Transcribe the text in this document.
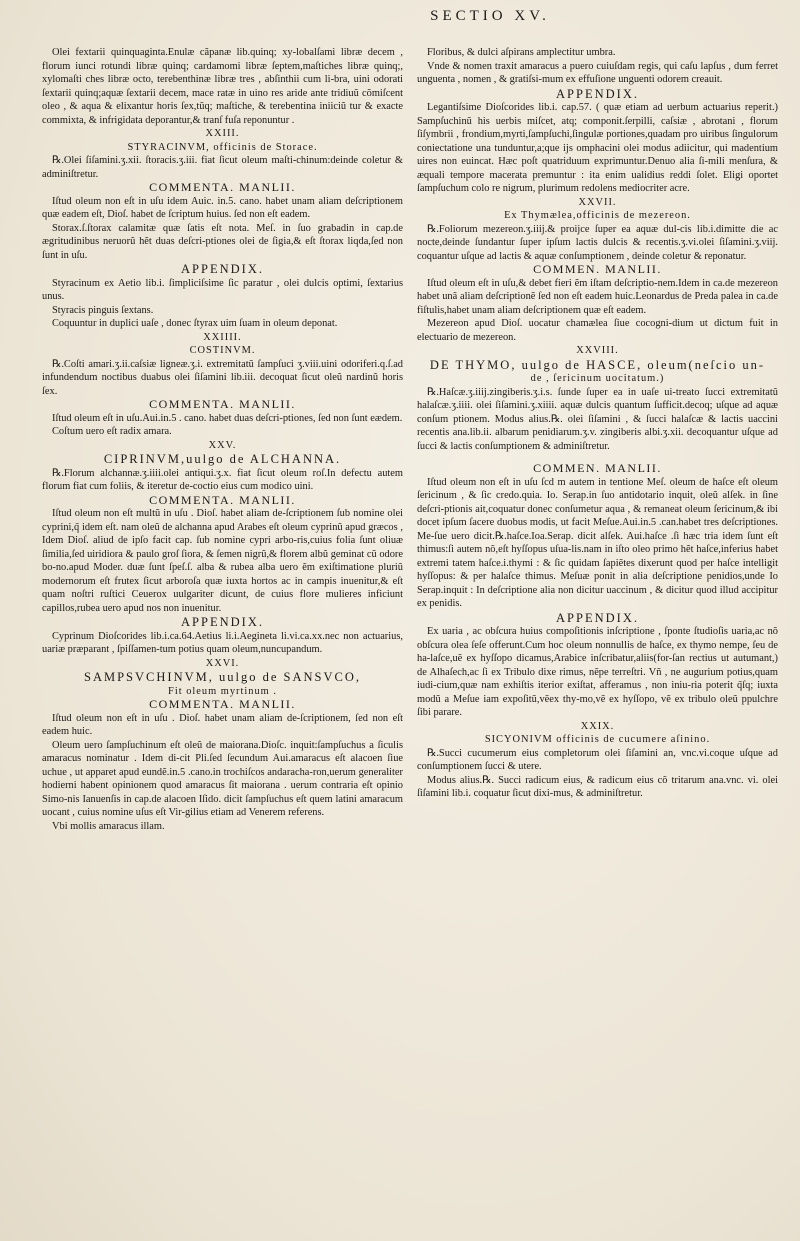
SECTIO XV.

Olei fextarii quinquaginta.Enulæ căpanæ lib.quinq; xy-lobalſami libræ decem , florum iunci rotundi libræ quinq; cardamomi libræ ſeptem,maſtiches libræ quinq;, xylomaſti ches libræ octo, terebenthinæ libræ tres , abſinthii cum li-bra, uini odorati ſextarii quinq;aquæ ſextarii decem, mace ratæ in uino res aride ante tridiuũ cõmiſcent oleo , & aqua & elixantur horis ſex,tũq; maſtiche, & terebentina iniiciũ tur & exacte commixta, & infrigidata deporantur,& tranſ fuſa reponuntur .

XXIII.

STYRACINVM, officinis de Storace.

℞.Olei ſiſamini.ʒ.xii. ſtoracis.ʒ.iii. fiat ſicut oleum maſti-chinum:deinde coletur & adminiſtretur.

COMMENTA. MANLII.

Iſtud oleum non eſt in uſu idem Auic. in.5. cano. habet unam aliam deſcriptionem quæ eadem eſt, Dioſ. habet de ſcriptum huius. ſed non eſt eadem.

Storax.ſ.ſtorax calamitæ quæ ſatis eſt nota. Meſ. in ſuo grabadin in cap.de ægritudinibus neruorũ hẽt duas deſcri-ptiones olei de ſigia,& eſt ſtorax liqda,ſed non ſunt in uſu.

APPENDIX.

Styracinum ex Aetio lib.i. ſimpliciſsime ſic paratur , olei dulcis optimi, ſextarius unus.

Styracis pinguis ſextans.

Coquuntur in duplici uaſe , donec ſtyrax uim ſuam in oleum deponat.

XXIIII.

COSTINVM.

℞.Coſti amari.ʒ.ii.caſsiæ ligneæ.ʒ.i. extremitatũ ſampſuci ʒ.viii.uini odoriferi.q.ſ.ad infundendum noctibus duabus olei ſiſamini lib.iii. decoquat ſicut oleũ nardinũ horis ſex.

COMMENTA. MANLII.

Iſtud oleum eſt in uſu.Aui.in.5 . cano. habet duas deſcri-ptiones, ſed non ſunt eædem.

Coſtum uero eſt radix amara.

XXV.

CIPRINVM,uulgo de ALCHANNA.

℞.Florum alchannæ.ʒ.iiii.olei antiqui.ʒ.x. fiat ſicut oleum roſ.In defectu autem florum fiat cum foliis, & iteretur de-coctio eius cum modico uini.

COMMENTA. MANLII.

Iſtud oleum non eſt multũ in uſu . Dioſ. habet aliam de-ſcriptionem ſub nomine olei cyprini,q̃ idem eſt. nam oleũ de alchanna apud Arabes eſt oleum cyprinũ apud græcos , Idem Dioſ. aliud de ipſo facit cap. ſub nomine cypri arbo-ris,cuius folia ſunt oliuæ ſimilia,ſed uiridiora & paulo groſ ſiora, & ſemen nigrũ,& florem albũ geminat cũ odore bo-no.apud Moder. duæ ſunt ſpeſ.ſ. alba & rubea alba uero ẽm exiſtimatione pluriũ modernorum eſt frutex ſicut arboroſa quæ iuxta hortos ac in campis inuenitur,& eſt quam noſtri ruſtici Ceuerox uulgariter dicunt, de cuius flore mulieres inficiunt capillos,rubea uero apud nos non inuenitur.

APPENDIX.

Cyprinum Dioſcorides lib.i.ca.64.Aetius li.i.Aegineta li.vi.ca.xx.nec non actuarius, uariæ præparant , ſpiſſamen-tum potius quam oleum,nuncupandum.

XXVI.

SAMPSVCHINVM, uulgo de SANSVCO,

Fit oleum myrtinum .

COMMENTA. MANLII.

Iſtud oleum non eſt in uſu . Dioſ. habet unam aliam de-ſcriptionem, ſed non eſt eadem huic.

Oleum uero ſampſuchinum eſt oleũ de maiorana.Dioſc. inquit:ſampſuchus a ſiculis amaracus nominatur . Idem di-cit Pli.ſed ſecundum Aui.amaracus eſt alacoen ſiue uchue , ut apparet apud eundẽ.in.5 .cano.in trochiſcos andaracha-ron,uerum generaliter hodierni habent opinionem quod amaracus ſit maiorana . uerum contraria eſt opinio Simo-nis Ianuenſis in cap.de alacoen Iſido. dicit ſampſuchus eſt quem latini amaracum uocant , cuius nomine uſus eſt Vir-gilius etiam ad Venerem referens.

Vbi mollis amaracus illam.

Floribus, & dulci aſpirans amplectitur umbra.

Vnde & nomen traxit amaracus a puero cuiuſdam regis, qui caſu lapſus , dum ferret unguenta , nomen , & gratiſsi-mum ex effuſione unguenti odorem creauit.

APPENDIX.

Legantiſsime Dioſcorides lib.i. cap.57. ( quæ etiam ad uerbum actuarius reperit.) Sampſuchinũ his uerbis miſcet, atq; componit.ſerpilli, caſsiæ , abrotani , florum ſiſymbrii , frondium,myrti,ſampſuchi,ſingulæ portiones,quadam pro uiribus ſingulorum coniectatione una tunduntur,a;que ijs omphacini olei modus adiicitur, qui madentium uires non euincat. Hæc poſt quatriduum exprimuntur.Denuo alia ſi-mili menſura, & æquali tempore macerata premuntur : ita enim ualidius reddi ſolet. Eligi oportet ſampſuchum colo re nigrum, plurimum redolens mediocriter acre.

XXVII.

Ex Thymælea,officinis de mezereon.

℞.Foliorum mezereon.ʒ.iiij.& proijce ſuper ea aquæ dul-cis lib.i.dimitte die ac nocte,deinde ſundantur ſuper ipſum lactis dulcis & recentis.ʒ.vi.olei ſiſamini.ʒ.viij. coquantur uſque ad lactis & aquæ conſumptionem , deinde coletur & reponatur.

COMMEN. MANLII.

Iſtud oleum eſt in uſu,& debet fieri ẽm iſtam deſcriptio-nem.Idem in ca.de mezereon habet unã aliam deſcriptionẽ ſed non eſt eadem huic.Leonardus de Preda palea in ca.de fiſtulis,habet unam aliam deſcriptionem quæ eſt eadem.

Mezereon apud Dioſ. uocatur chamælea ſiue cocogni-dium ut dictum fuit in electuario de mezereon.

XXVIII.

DE THYMO, uulgo de HASCE, oleum(neſcio un-

de , ſericinum uocitatum.)

℞.Haſcæ.ʒ.iiij.zingiberis.ʒ.i.s. ſunde ſuper ea in uaſe ui-treato ſucci extremitatũ halaſcæ.ʒ.iiii. olei ſiſamini.ʒ.xiiii. aquæ dulcis quantum ſufficit.decoq; uſque ad aquæ conſum ptionem. Modus alius.℞. olei ſiſamini , & ſucci halaſcæ & lactis uaccini recentis ana.lib.ii. albarum penidiarum.ʒ.v. zingiberis albi.ʒ.xii. decoquantur uſque ad ſucci & lactis conſumptionem & adminiſtretur.

COMMEN. MANLII.

Iſtud oleum non eſt in uſu ſcd m autem in tentione Meſ. oleum de haſce eſt oleum ſericinum , & ſic credo.quia. Io. Serap.in ſuo antidotario inquit, oleũ alſek. in ſine deſcri-ptionis ait,coquatur donec conſumetur aqua , & remaneat oleum ſericinum,& ibi docet ipſum ſacere duobus modis, ut facit Meſue.Aui.in.5 .can.habet tres deſcriptiones. Me-ſue uero dicit.℞.haſce.Ioa.Serap. dicit alſek. Aui.haſce .ſi hæc tria idem ſunt eſt thimus:ſi autem nõ,eſt hyſſopus uſua-lis.nam in iſto oleo primo hẽt haſce,inferius habet extremi tatem haſce.i.thymi : & ſic quidam ſapiẽtes dixerunt quod per haſce intelligit hyſſopus: & per halaſce thimus. Meſuæ ponit in alia deſcriptione penidios,unde Io Serap.inquit : In deſcriptione alia non dicitur uaccinum , & dicitur quod illud accipitur ex penidis.

APPENDIX.

Ex uaria , ac obſcura huius compoſitionis inſcriptione , ſponte ſtudioſis uaria,ac nõ obſcura olea ſeſe offerunt.Cum hoc oleum nonnullis de haſce, ex thymo nempe, ſeu de ha-laſce,uẽ ex hyſſopo dicamus,Arabice inſcribatur,aliis(for-ſan rectius ut autumant,) de Alhaſech,ac ſi ex Tribulo dixe rimus, nẽpe terreſtri. Vñ , ne augurium potius,quam iudi-cium,quæ nam exhiſtis iterior exiſtat, afferamus , non iniu-ria poterit q̃ſq; iuxta modũ a Meſue iam expoſitũ,vẽex thy-mo,vẽ ex hyſſopo, vẽ ex tribulo oleũ ppulchre ſibi parare.

XXIX.

SICYONIVM officinis de cucumere aſinino.

℞.Succi cucumerum eius completorum olei ſiſamini an, vnc.vi.coque uſque ad conſumptionem ſucci & utere.

Modus alius.℞. Succi radicum eius, & radicum eius cõ tritarum ana.vnc. vi. olei ſiſamini lib.i. coquatur ſicut dixi-mus, & adminiſtretur.
